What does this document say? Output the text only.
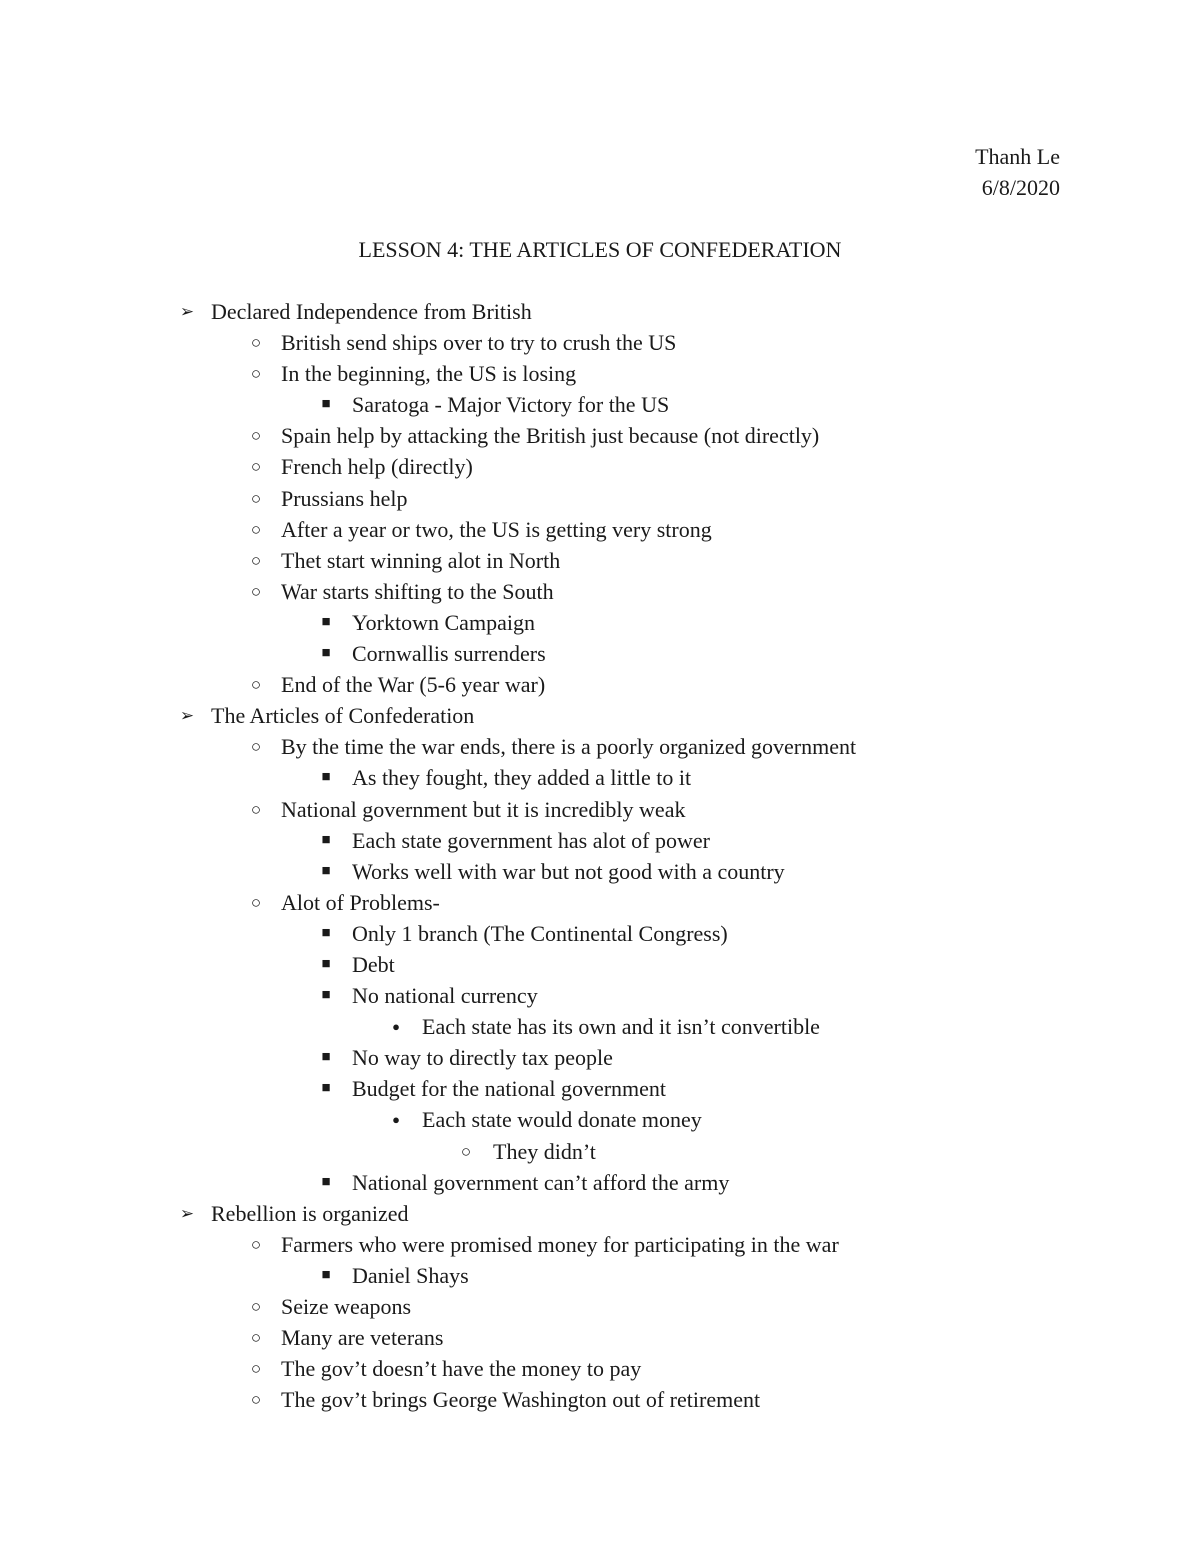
Thanh Le
6/8/2020
LESSON 4: THE ARTICLES OF CONFEDERATION
➢ Declared Independence from British
○ British send ships over to try to crush the US
○ In the beginning, the US is losing
■ Saratoga - Major Victory for the US
○ Spain help by attacking the British just because (not directly)
○ French help (directly)
○ Prussians help
○ After a year or two, the US is getting very strong
○ Thet start winning alot in North
○ War starts shifting to the South
■ Yorktown Campaign
■ Cornwallis surrenders
○ End of the War (5-6 year war)
➢ The Articles of Confederation
○ By the time the war ends, there is a poorly organized government
■ As they fought, they added a little to it
○ National government but it is incredibly weak
■ Each state government has alot of power
■ Works well with war but not good with a country
○ Alot of Problems-
■ Only 1 branch (The Continental Congress)
■ Debt
■ No national currency
●	Each state has its own and it isn’t convertible
■ No way to directly tax people
■ Budget for the national government
●	Each state would donate money
○ They didn’t
■ National government can’t afford the army
➢ Rebellion is organized
○ Farmers who were promised money for participating in the war
■ Daniel Shays
○ Seize weapons
○ Many are veterans
○ The gov’t doesn’t have the money to pay
○ The gov’t brings George Washington out of retirement
